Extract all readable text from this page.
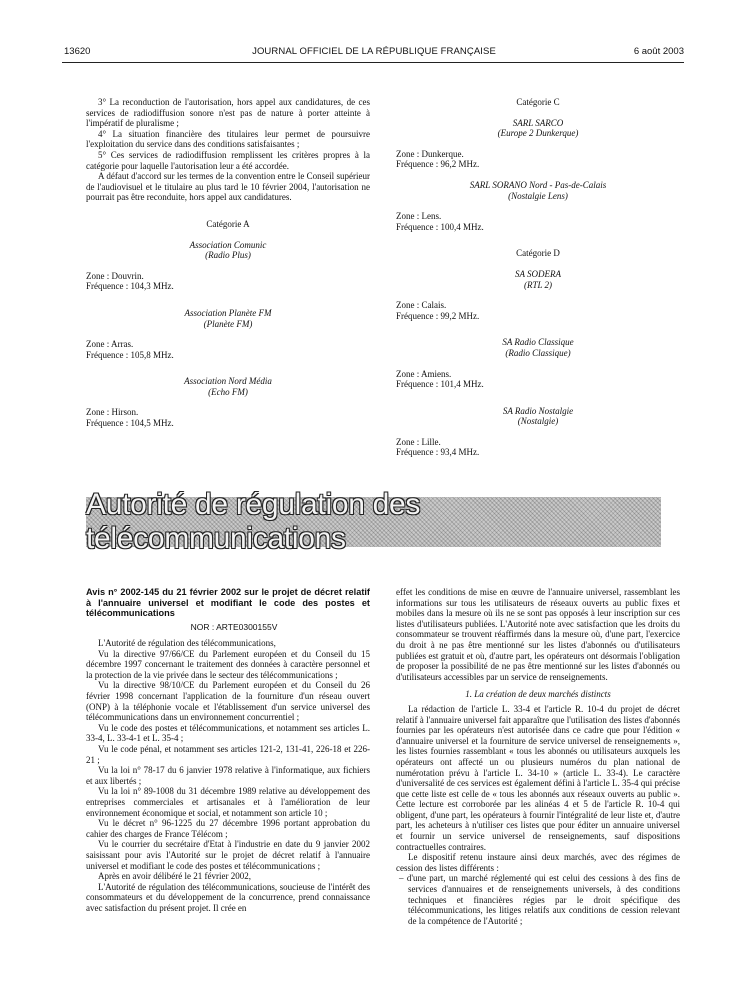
13620	JOURNAL OFFICIEL DE LA RÉPUBLIQUE FRANÇAISE	6 août 2003

3° La reconduction de l'autorisation, hors appel aux candidatures, de ces services de radiodiffusion sonore n'est pas de nature à porter atteinte à l'impératif de pluralisme ;

4° La situation financière des titulaires leur permet de poursuivre l'exploitation du service dans des conditions satisfaisantes ;

5° Ces services de radiodiffusion remplissent les critères propres à la catégorie pour laquelle l'autorisation leur a été accordée.

A défaut d'accord sur les termes de la convention entre le Conseil supérieur de l'audiovisuel et le titulaire au plus tard le 10 février 2004, l'autorisation ne pourrait pas être reconduite, hors appel aux candidatures.

Catégorie A

Association Comunic

(Radio Plus)

Zone : Douvrin.

Fréquence : 104,3 MHz.

Association Planète FM

(Planète FM)

Zone : Arras.

Fréquence : 105,8 MHz.

Association Nord Média

(Echo FM)

Zone : Hirson.

Fréquence : 104,5 MHz.

Catégorie C

SARL SARCO

(Europe 2 Dunkerque)

Zone : Dunkerque.

Fréquence : 96,2 MHz.

SARL SORANO Nord - Pas-de-Calais

(Nostalgie Lens)

Zone : Lens.

Fréquence : 100,4 MHz.

Catégorie D

SA SODERA

(RTL 2)

Zone : Calais.

Fréquence : 99,2 MHz.

SA Radio Classique

(Radio Classique)

Zone : Amiens.

Fréquence : 101,4 MHz.

SA Radio Nostalgie

(Nostalgie)

Zone : Lille.

Fréquence : 93,4 MHz.

Autorité de régulation des télécommunications

Avis n° 2002-145 du 21 février 2002 sur le projet de décret relatif à l'annuaire universel et modifiant le code des postes et télécommunications

NOR : ARTE0300155V

L'Autorité de régulation des télécommunications,

Vu la directive 97/66/CE du Parlement européen et du Conseil du 15 décembre 1997 concernant le traitement des données à caractère personnel et la protection de la vie privée dans le secteur des télécommunications ;

Vu la directive 98/10/CE du Parlement européen et du Conseil du 26 février 1998 concernant l'application de la fourniture d'un réseau ouvert (ONP) à la téléphonie vocale et l'établissement d'un service universel des télécommunications dans un environnement concurrentiel ;

Vu le code des postes et télécommunications, et notamment ses articles L. 33-4, L. 33-4-1 et L. 35-4 ;

Vu le code pénal, et notamment ses articles 121-2, 131-41, 226-18 et 226-21 ;

Vu la loi n° 78-17 du 6 janvier 1978 relative à l'informatique, aux fichiers et aux libertés ;

Vu la loi n° 89-1008 du 31 décembre 1989 relative au développement des entreprises commerciales et artisanales et à l'amélioration de leur environnement économique et social, et notamment son article 10 ;

Vu le décret n° 96-1225 du 27 décembre 1996 portant approbation du cahier des charges de France Télécom ;

Vu le courrier du secrétaire d'Etat à l'industrie en date du 9 janvier 2002 saisissant pour avis l'Autorité sur le projet de décret relatif à l'annuaire universel et modifiant le code des postes et télécommunications ;

Après en avoir délibéré le 21 février 2002,

L'Autorité de régulation des télécommunications, soucieuse de l'intérêt des consommateurs et du développement de la concurrence, prend connaissance avec satisfaction du présent projet. Il crée en

effet les conditions de mise en œuvre de l'annuaire universel, rassemblant les informations sur tous les utilisateurs de réseaux ouverts au public fixes et mobiles dans la mesure où ils ne se sont pas opposés à leur inscription sur ces listes d'utilisateurs publiées. L'Autorité note avec satisfaction que les droits du consommateur se trouvent réaffirmés dans la mesure où, d'une part, l'exercice du droit à ne pas être mentionné sur les listes d'abonnés ou d'utilisateurs publiées est gratuit et où, d'autre part, les opérateurs ont désormais l'obligation de proposer la possibilité de ne pas être mentionné sur les listes d'abonnés ou d'utilisateurs accessibles par un service de renseignements.

1. La création de deux marchés distincts

La rédaction de l'article L. 33-4 et l'article R. 10-4 du projet de décret relatif à l'annuaire universel fait apparaître que l'utilisation des listes d'abonnés fournies par les opérateurs n'est autorisée dans ce cadre que pour l'édition « d'annuaire universel et la fourniture de service universel de renseignements », les listes fournies rassemblant « tous les abonnés ou utilisateurs auxquels les opérateurs ont affecté un ou plusieurs numéros du plan national de numérotation prévu à l'article L. 34-10 » (article L. 33-4). Le caractère d'universalité de ces services est également défini à l'article L. 35-4 qui précise que cette liste est celle de « tous les abonnés aux réseaux ouverts au public ». Cette lecture est corroborée par les alinéas 4 et 5 de l'article R. 10-4 qui obligent, d'une part, les opérateurs à fournir l'intégralité de leur liste et, d'autre part, les acheteurs à n'utiliser ces listes que pour éditer un annuaire universel et fournir un service universel de renseignements, sauf dispositions contractuelles contraires.

Le dispositif retenu instaure ainsi deux marchés, avec des régimes de cession des listes différents :

– d'une part, un marché réglementé qui est celui des cessions à des fins de services d'annuaires et de renseignements universels, à des conditions techniques et financières régies par le droit spécifique des télécommunications, les litiges relatifs aux conditions de cession relevant de la compétence de l'Autorité ;
